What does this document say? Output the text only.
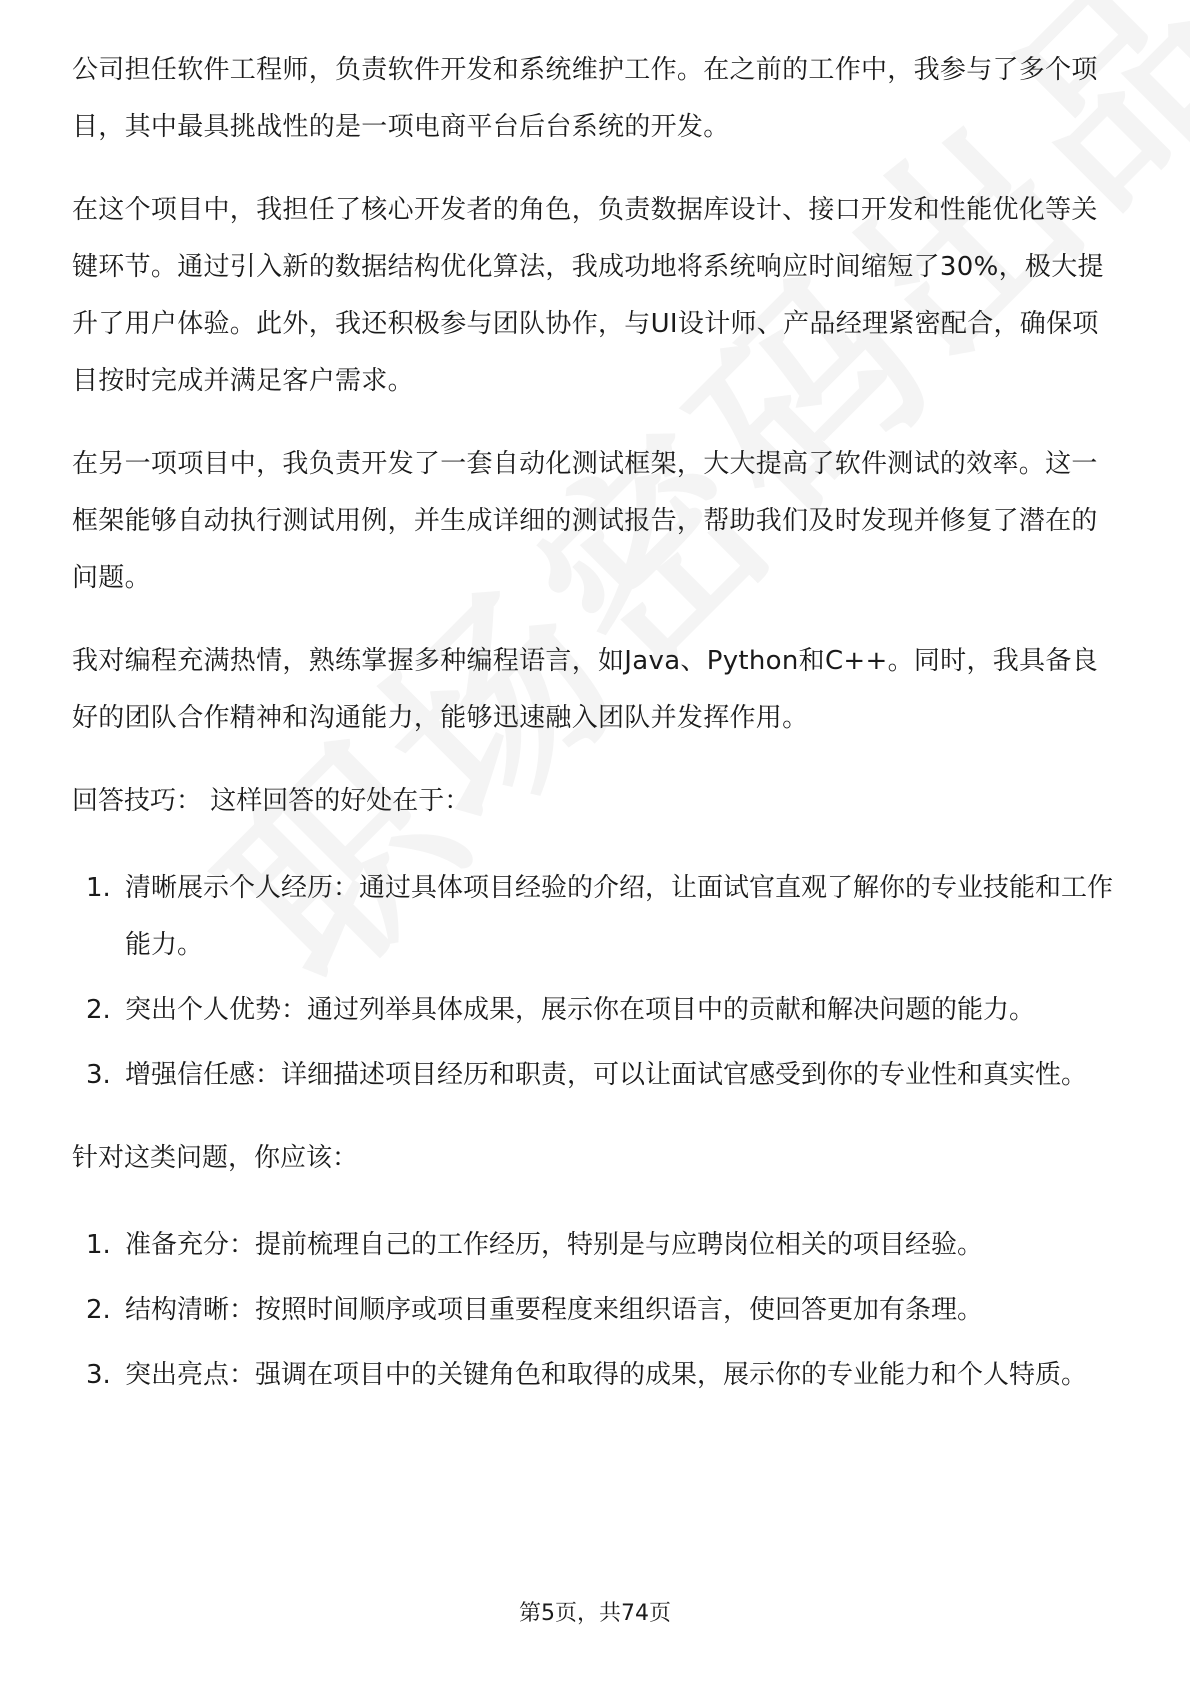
公司担任软件工程师，负责软件开发和系统维护工作。在之前的工作中，我参与了多个项目，其中最具挑战性的是一项电商平台后台系统的开发。

在这个项目中，我担任了核心开发者的角色，负责数据库设计、接口开发和性能优化等关键环节。通过引入新的数据结构优化算法，我成功地将系统响应时间缩短了30%，极大提升了用户体验。此外，我还积极参与团队协作，与UI设计师、产品经理紧密配合，确保项目按时完成并满足客户需求。

在另一项项目中，我负责开发了一套自动化测试框架，大大提高了软件测试的效率。这一框架能够自动执行测试用例，并生成详细的测试报告，帮助我们及时发现并修复了潜在的问题。

我对编程充满热情，熟练掌握多种编程语言，如Java、Python和C++。同时，我具备良好的团队合作精神和沟通能力，能够迅速融入团队并发挥作用。

回答技巧： 这样回答的好处在于：

1. 清晰展示个人经历：通过具体项目经验的介绍，让面试官直观了解你的专业技能和工作能力。
2. 突出个人优势：通过列举具体成果，展示你在项目中的贡献和解决问题的能力。
3. 增强信任感：详细描述项目经历和职责，可以让面试官感受到你的专业性和真实性。

针对这类问题，你应该：

1. 准备充分：提前梳理自己的工作经历，特别是与应聘岗位相关的项目经验。
2. 结构清晰：按照时间顺序或项目重要程度来组织语言，使回答更加有条理。
3. 突出亮点：强调在项目中的关键角色和取得的成果，展示你的专业能力和个人特质。
第5页，共74页
